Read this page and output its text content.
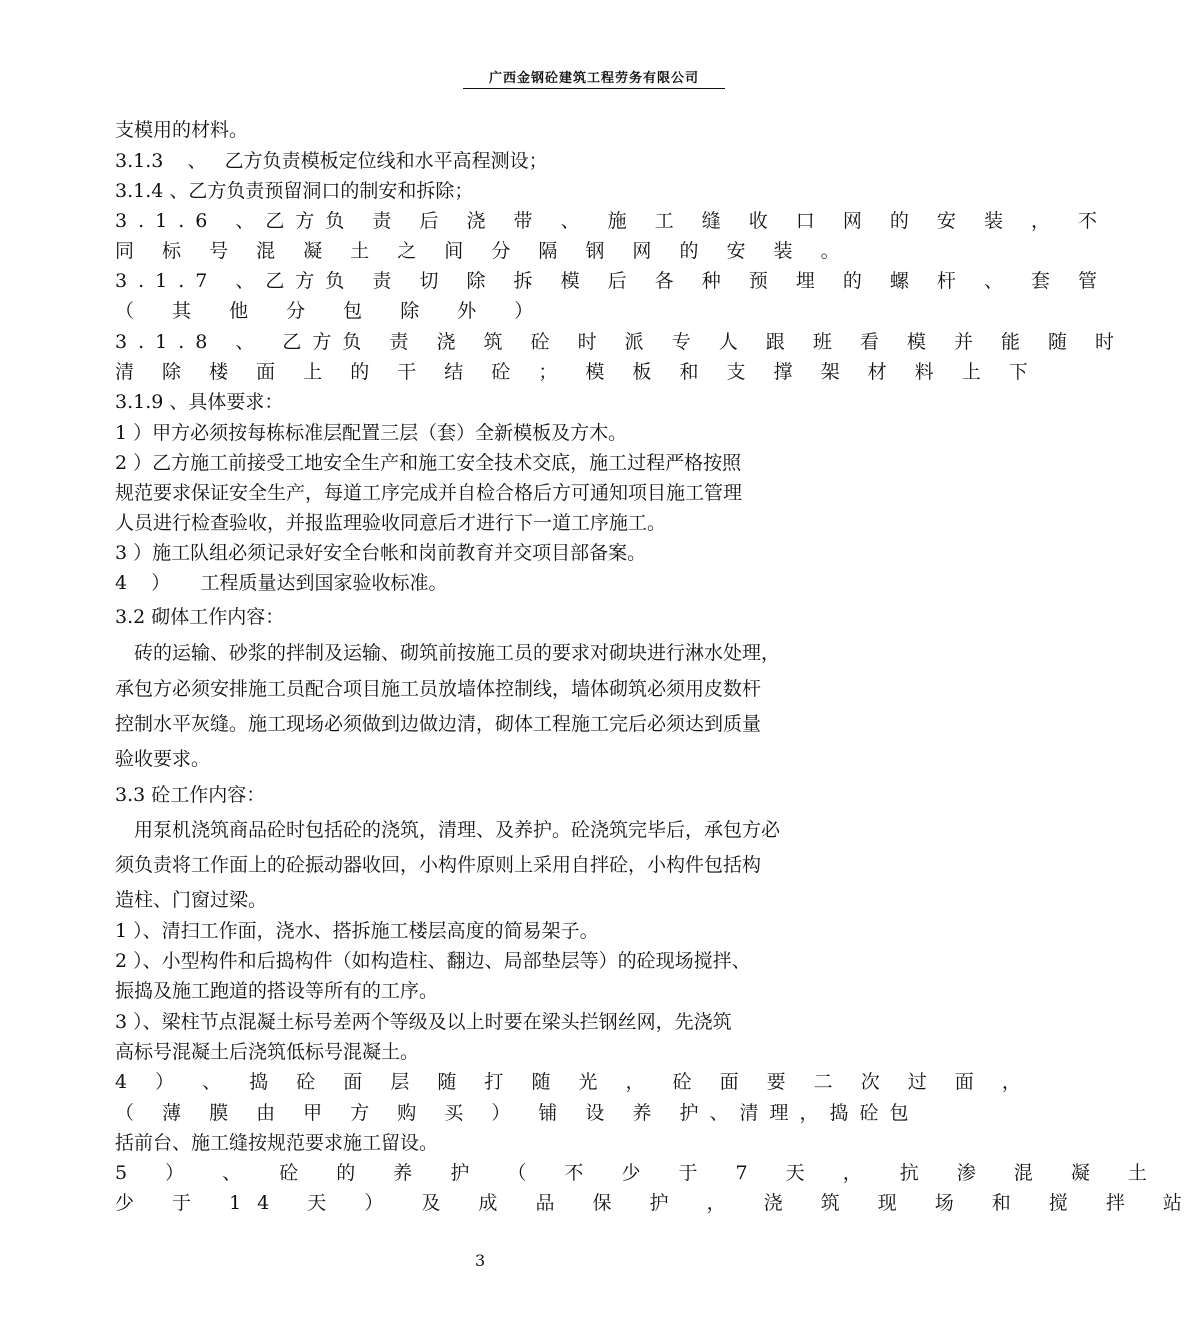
广西金钢砼建筑工程劳务有限公司
支模用的材料。
3.1.3    、   乙方负责模板定位线和水平高程测设；
3.1.4 、乙方负责预留洞口的制安和拆除；
3.1.6 、乙方负 责 后 浇 带 、 施 工 缝 收 口 网 的 安 装 ， 不
同 标 号 混 凝 土 之 间 分 隔 钢 网 的 安 装 。
3.1.7 、乙方负 责 切 除 拆 模 后 各 种 预 埋 的 螺 杆 、 套 管
（ 其 他 分 包 除 外 ）
3.1.8 、 乙方负 责 浇 筑 砼 时 派 专 人 跟 班 看 模 并 能 随 时
清 除 楼 面 上 的 干 结 砼 ； 模 板 和 支 撑 架 材 料 上 下
3.1.9 、具体要求：
1 ）甲方必须按每栋标准层配置三层（套）全新模板及方木。
2 ）乙方施工前接受工地安全生产和施工安全技术交底，施工过程严格按照
规范要求保证安全生产，每道工序完成并自检合格后方可通知项目施工管理
人员进行检查验收，并报监理验收同意后才进行下一道工序施工。
3 ）施工队组必须记录好安全台帐和岗前教育并交项目部备案。
4    ）     工程质量达到国家验收标准。
3.2 砌体工作内容：
　砖的运输、砂浆的拌制及运输、砌筑前按施工员的要求对砌块进行淋水处理，
承包方必须安排施工员配合项目施工员放墙体控制线，墙体砌筑必须用皮数杆
控制水平灰缝。施工现场必须做到边做边清，砌体工程施工完后必须达到质量
验收要求。
3.3 砼工作内容：
　用泵机浇筑商品砼时包括砼的浇筑，清理、及养护。砼浇筑完毕后，承包方必
须负责将工作面上的砼振动器收回，小构件原则上采用自拌砼，小构件包括构
造柱、门窗过梁。
1 ）、清扫工作面，浇水、搭拆施工楼层高度的简易架子。
2 ）、小型构件和后捣构件（如构造柱、翻边、局部垫层等）的砼现场搅拌、
振捣及施工跑道的搭设等所有的工序。
3 ）、梁柱节点混凝土标号差两个等级及以上时要在梁头拦钢丝网，先浇筑
高标号混凝土后浇筑低标号混凝土。
4 ） 、 捣 砼 面 层 随 打 随 光 ， 砼 面 要 二 次 过 面 ，
（ 薄 膜 由 甲 方 购 买 ） 铺 设 养 护、清理，捣砼包
括前台、施工缝按规范要求施工留设。
5 ） 、 砼 的 养 护 （ 不 少 于 7 天 ， 抗 渗 混 凝 土
少 于 14 天 ） 及 成 品 保 护 ， 浇 筑 现 场 和 搅 拌 站
3
